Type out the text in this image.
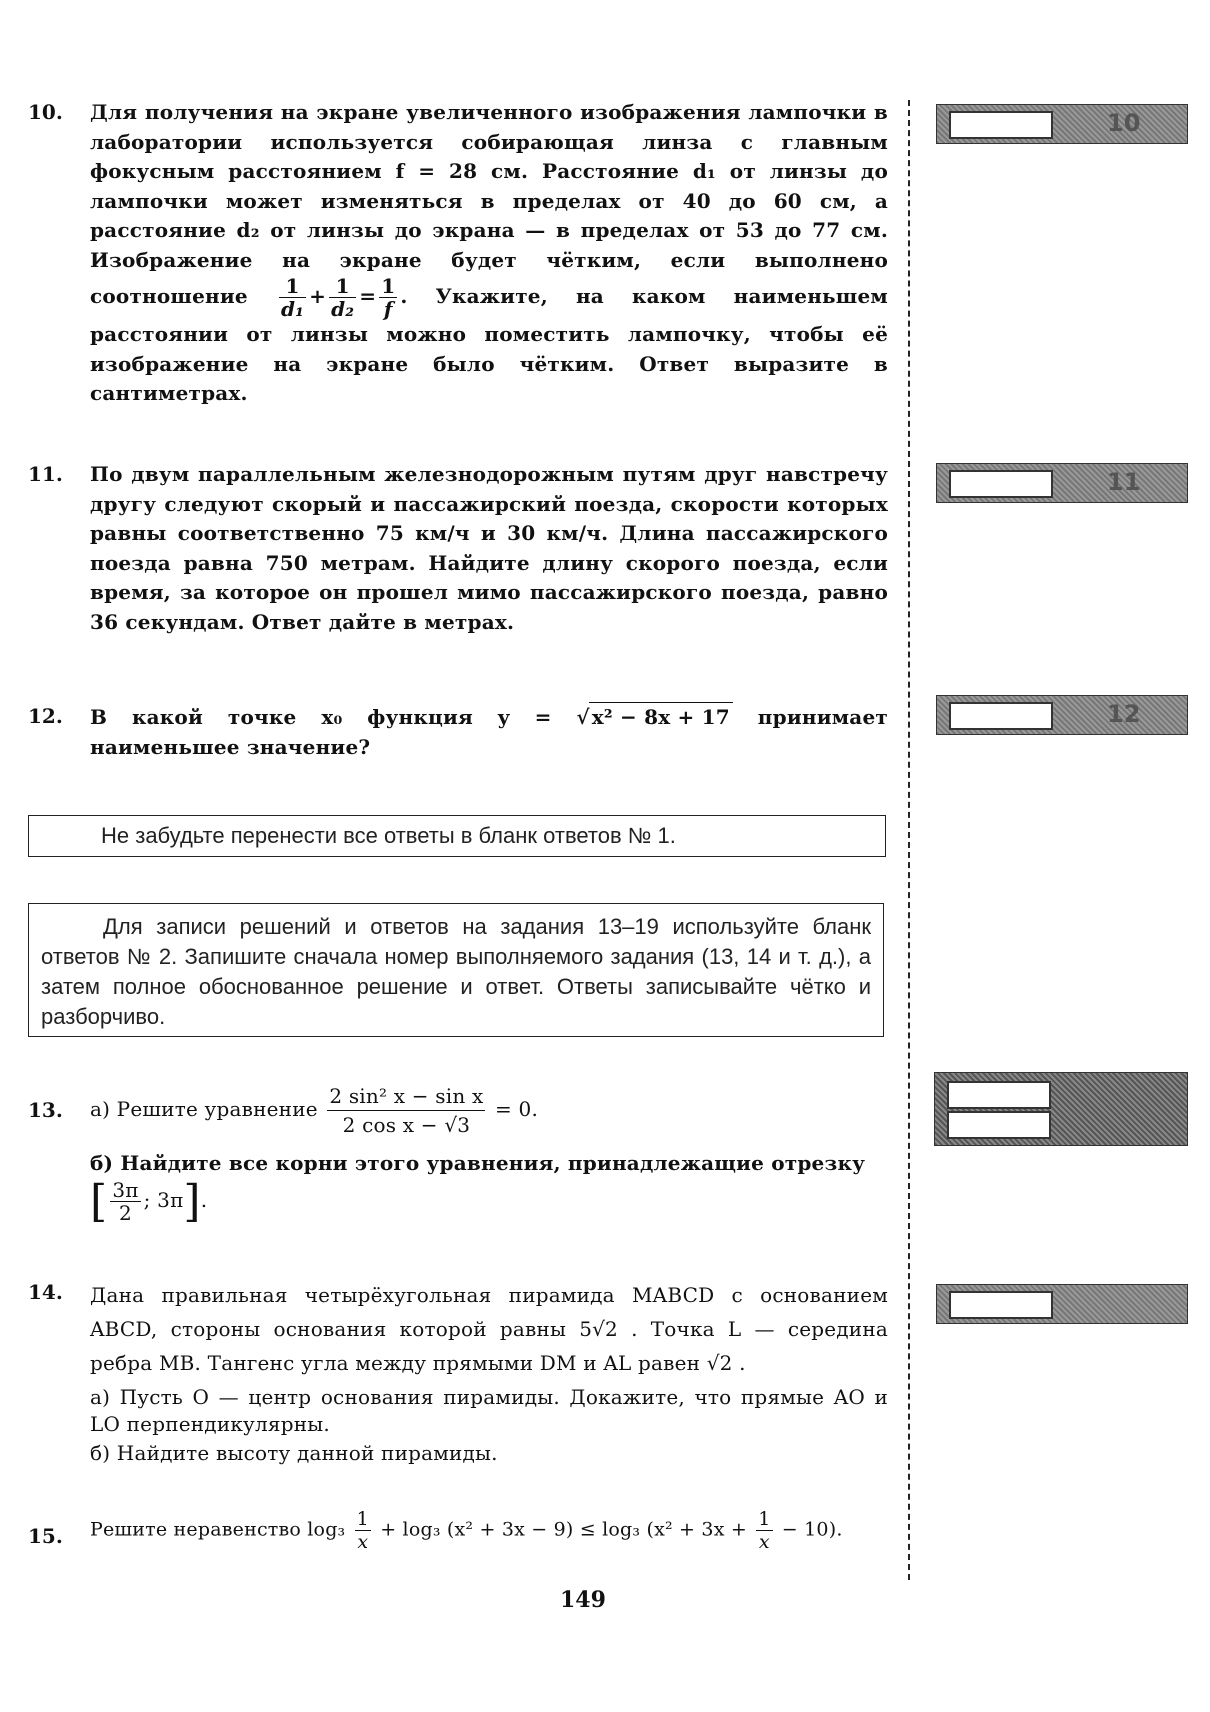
10. Для получения на экране увеличенного изображения лампочки в лаборатории используется собирающая линза с главным фокусным расстоянием f = 28 см. Расстояние d₁ от линзы до лампочки может изменяться в пределах от 40 до 60 см, а расстояние d₂ от линзы до экрана — в пределах от 53 до 77 см. Изображение на экране будет чётким, если выполнено соотношение $\frac{1}{\text{d₁}} + \frac{1}{\text{d₂}} = \frac{1}{f}$ . Укажите, на каком наименьшем расстоянии от линзы можно поместить лампочку, чтобы её изображение на экране было чётким. Ответ выразите в сантиметрах.

10
11. По двум параллельным железнодорожным путям друг навстречу другу следуют скорый и пассажирский поезда, скорости которых равны соответственно 75 км/ч и 30 км/ч. Длина пассажирского поезда равна 750 метрам. Найдите длину скорого поезда, если время, за которое он прошел мимо пассажирского поезда, равно 36 секундам. Ответ дайте в метрах.

11
12. В какой точке x₀ функция y = √ x² − 8x + 17 принимает наименьшее значение?

12
Не забудьте перенести все ответы в бланк ответов № 1.
Для записи решений и ответов на задания 13–19 используйте бланк ответов № 2. Запишите сначала номер выполняемого задания (13, 14 и т. д.), а затем полное обоснованное решение и ответ. Ответы записывайте чётко и разборчиво.
13. а) Решите уравнение $\frac{\text{2 sin² x − sin x}}{\text{2 cos x − √3}} = 0$.

б) Найдите все корни этого уравнения, принадлежащие отрезку

[ $\frac{3\pi}{2}$ ; 3π].

14. Дана правильная четырёхугольная пирамида MABCD с основанием ABCD, стороны основания которой равны 5√2 . Точка L — середина ребра MB. Тангенс угла между прямыми DM и AL равен √2 .

а) Пусть O — центр основания пирамиды. Докажите, что прямые AO и LO перпендикулярны.

б) Найдите высоту данной пирамиды.

15. Решите неравенство $\log_3 \frac{1}{x} + \log_3$ (x² + 3x − 9) ≤ log₃ $(x^2 + 3x + \frac{1}{x} - 10)$.
149
